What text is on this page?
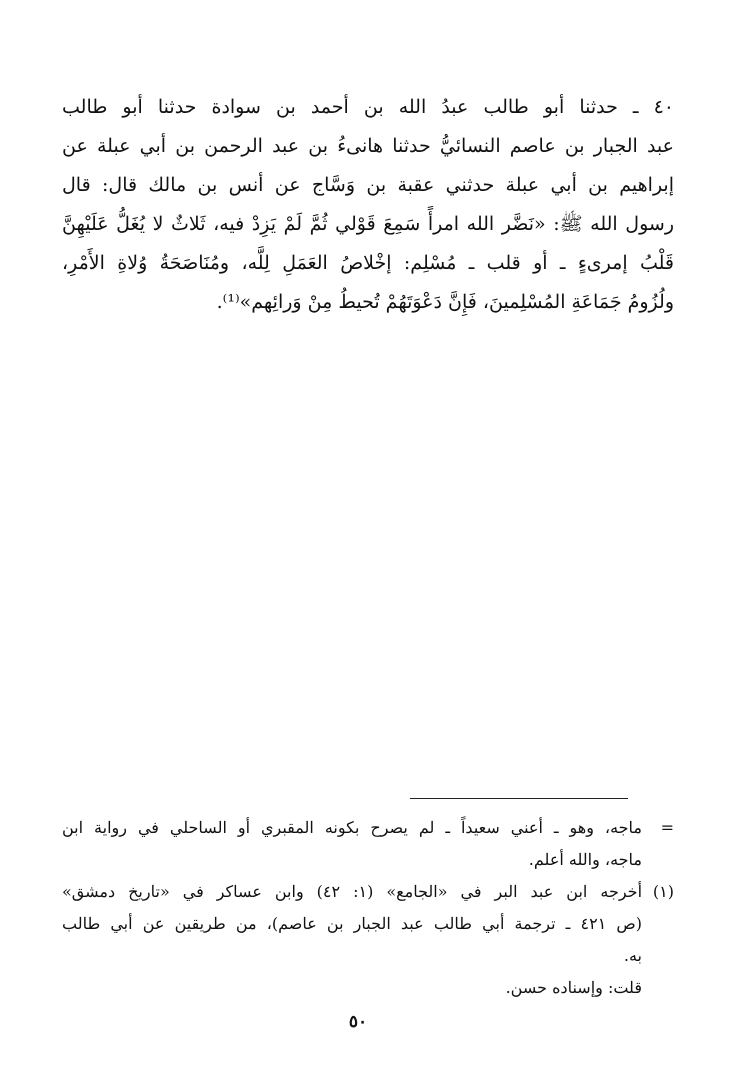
٤٠ ـ حدثنا أبو طالب عبدُ الله بن أحمد بن سوادة حدثنا أبو طالب
عبد الجبار بن عاصم النسائيُّ حدثنا هانىءُ بن عبد الرحمن بن أبي عبلة عن
إبراهيم بن أبي عبلة حدثني عقبة بن وَسَّاج عن أنس بن مالك قال: قال
رسول الله ﷺ: «نَضَّر الله امرأً سَمِعَ قَوْلي ثُمَّ لَمْ يَزِدْ فيه، ثَلاثٌ لا يُغَلُّ عَلَيْهِنَّ
قَلْبُ إمرىءٍ ـ أو قلب ـ مُسْلِم: إخْلاصُ العَمَلِ لِلَّه، ومُنَاصَحَةُ وُلاةِ الأَمْرِ،
ولُزُومُ جَمَاعَةِ المُسْلِمينَ، فَإِنَّ دَعْوَتَهُمْ تُحيطُ مِنْ وَرائِهم»⁽¹⁾.
=
ماجه، وهو ـ أعني سعيداً ـ لم يصرح بكونه المقبري أو الساحلي في رواية ابن
ماجه، والله أعلم.
(١)
أخرجه ابن عبد البر في «الجامع» (١: ٤٢) وابن عساكر في «تاريخ دمشق»
(ص ٤٢١ ـ ترجمة أبي طالب عبد الجبار بن عاصم)، من طريقين عن أبي طالب
به.
قلت: وإسناده حسن.
٥٠
